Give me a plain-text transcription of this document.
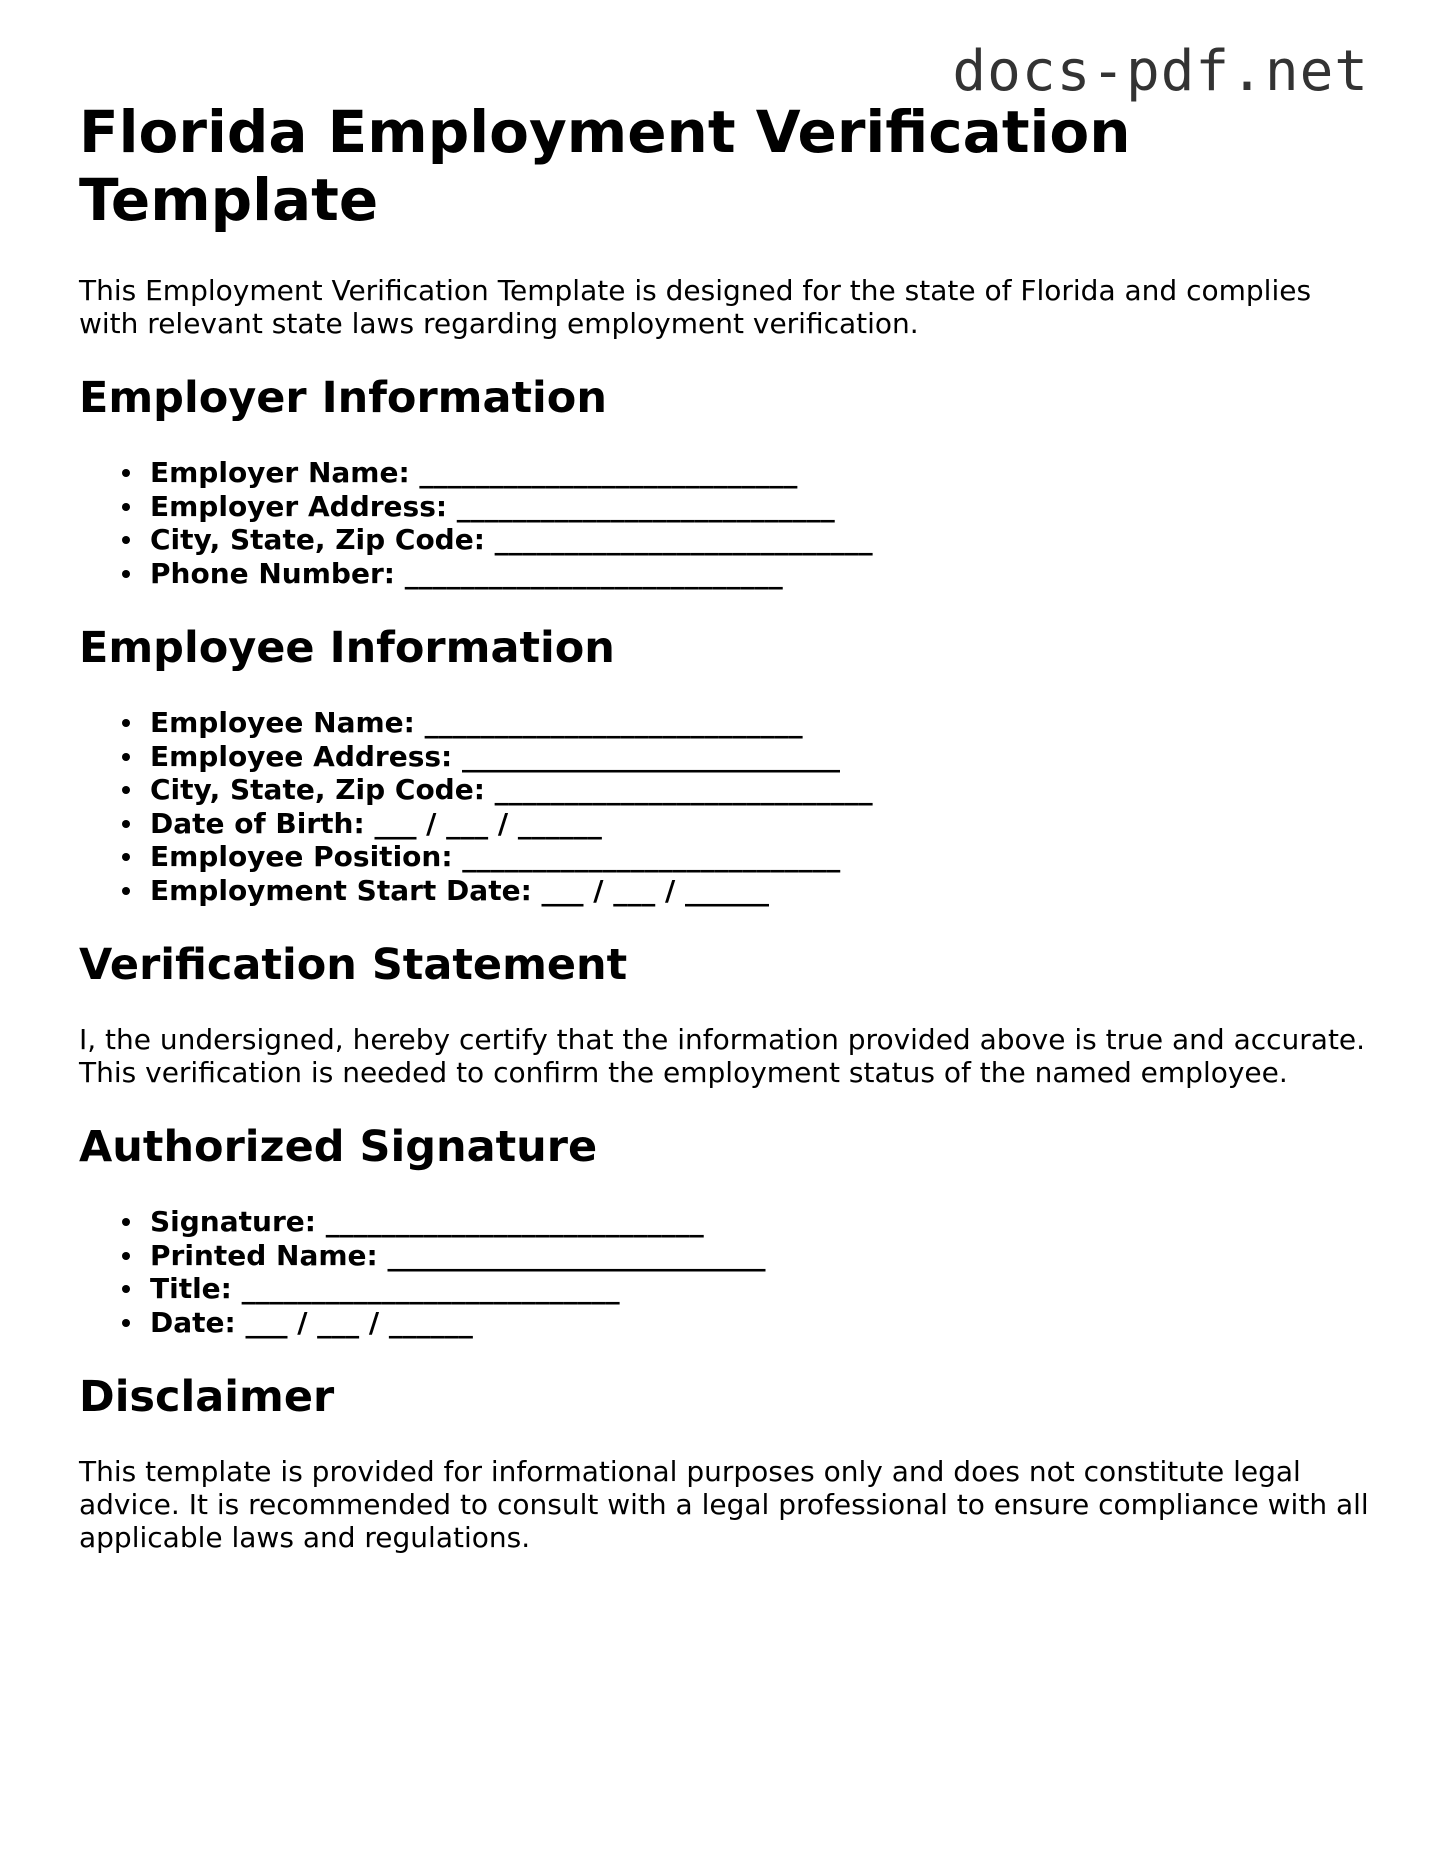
docs-pdf.net
Florida Employment Verification Template

This Employment Verification Template is designed for the state of Florida and complies with relevant state laws regarding employment verification.

Employer Information
Employer Name: ___________________________
Employer Address: ___________________________
City, State, Zip Code: ___________________________
Phone Number: ___________________________
Employee Information
Employee Name: ___________________________
Employee Address: ___________________________
City, State, Zip Code: ___________________________
Date of Birth: ___ / ___ / ______
Employee Position: ___________________________
Employment Start Date: ___ / ___ / ______
Verification Statement

I, the undersigned, hereby certify that the information provided above is true and accurate. This verification is needed to confirm the employment status of the named employee.

Authorized Signature
Signature: ___________________________
Printed Name: ___________________________
Title: ___________________________
Date: ___ / ___ / ______
Disclaimer

This template is provided for informational purposes only and does not constitute legal advice. It is recommended to consult with a legal professional to ensure compliance with all applicable laws and regulations.
